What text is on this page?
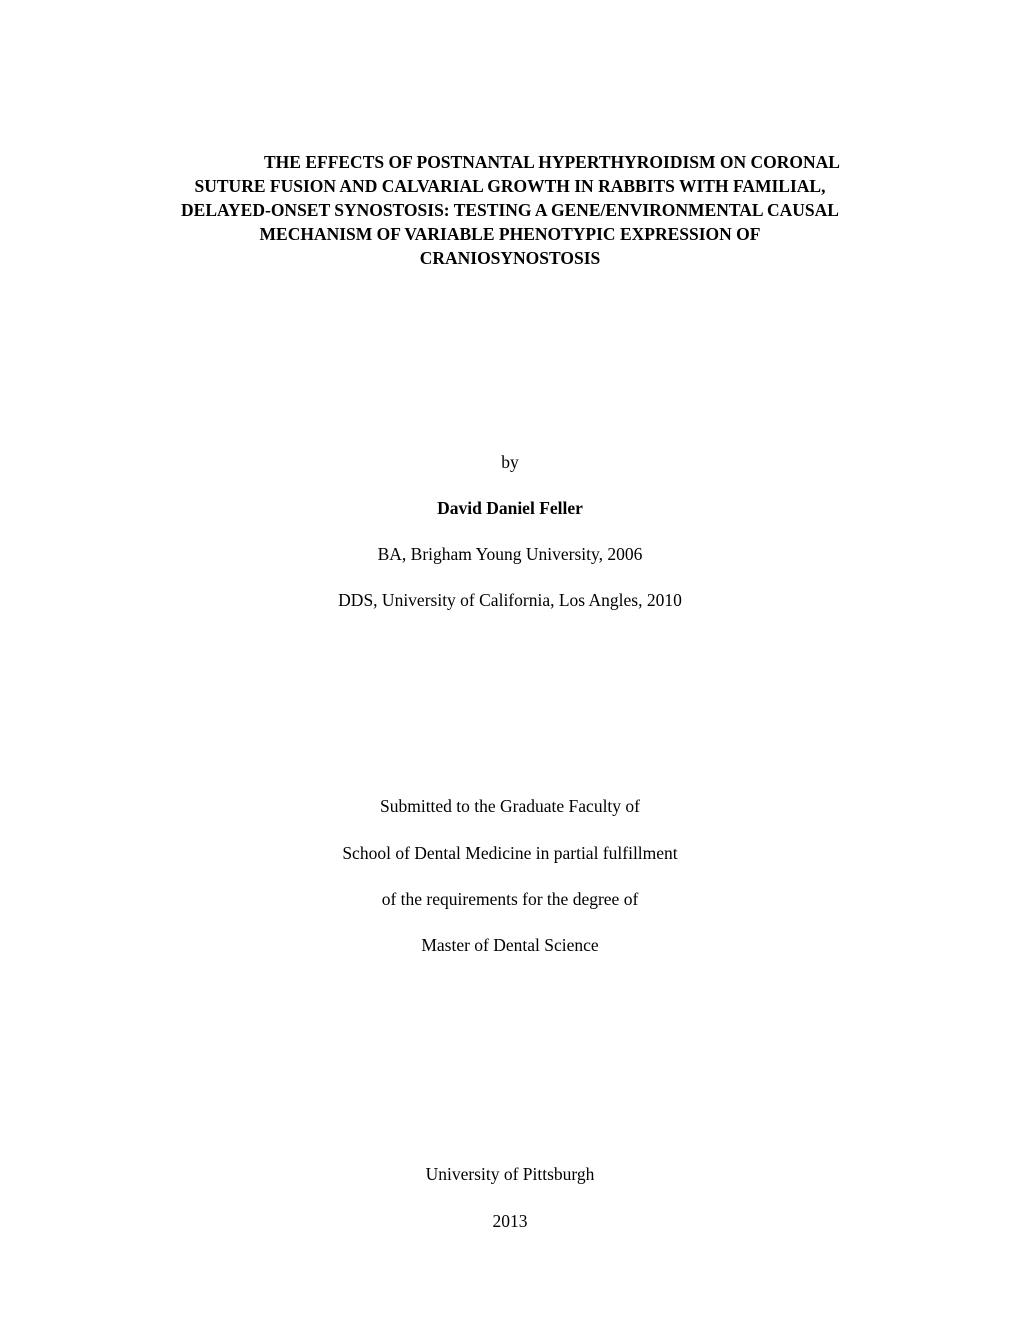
THE EFFECTS OF POSTNANTAL HYPERTHYROIDISM ON CORONAL
SUTURE FUSION AND CALVARIAL GROWTH IN RABBITS WITH FAMILIAL,
DELAYED-ONSET SYNOSTOSIS: TESTING A GENE/ENVIRONMENTAL CAUSAL
MECHANISM OF VARIABLE PHENOTYPIC EXPRESSION OF
CRANIOSYNOSTOSIS
by
David Daniel Feller
BA, Brigham Young University, 2006
DDS, University of California, Los Angles, 2010
Submitted to the Graduate Faculty of
School of Dental Medicine in partial fulfillment
of the requirements for the degree of
Master of Dental Science
University of Pittsburgh
2013
